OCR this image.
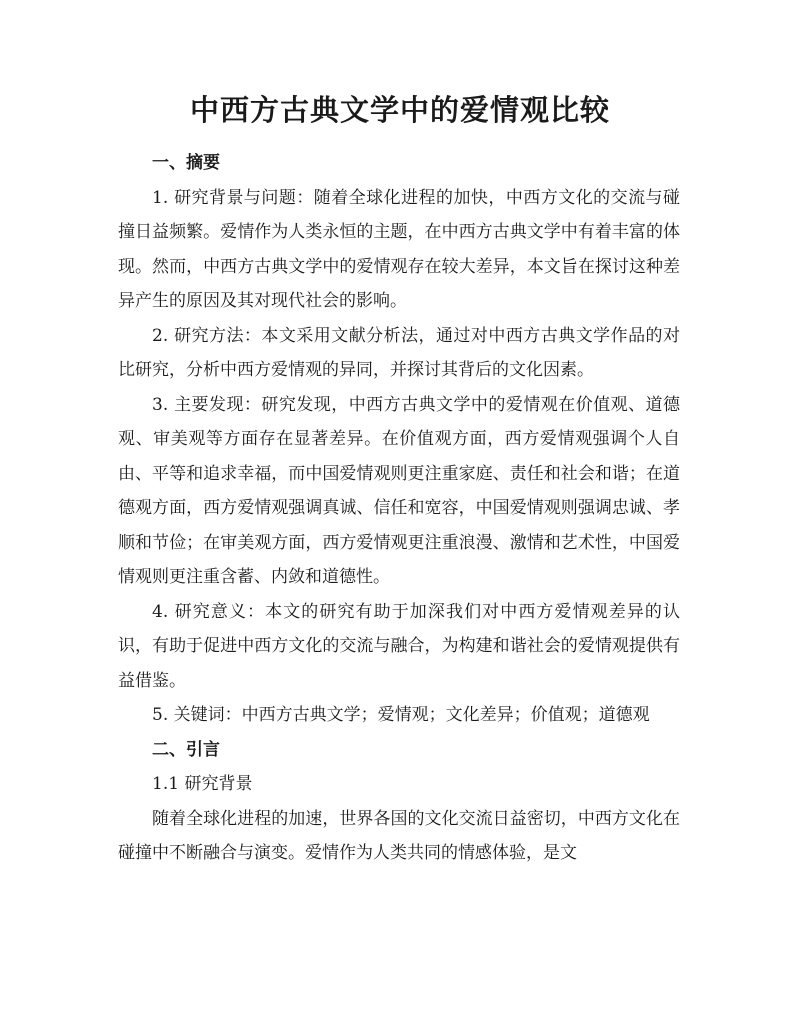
中西方古典文学中的爱情观比较

一、摘要

1. 研究背景与问题：随着全球化进程的加快，中西方文化的交流与碰撞日益频繁。爱情作为人类永恒的主题，在中西方古典文学中有着丰富的体现。然而，中西方古典文学中的爱情观存在较大差异，本文旨在探讨这种差异产生的原因及其对现代社会的影响。

2. 研究方法：本文采用文献分析法，通过对中西方古典文学作品的对比研究，分析中西方爱情观的异同，并探讨其背后的文化因素。

3. 主要发现：研究发现，中西方古典文学中的爱情观在价值观、道德观、审美观等方面存在显著差异。在价值观方面，西方爱情观强调个人自由、平等和追求幸福，而中国爱情观则更注重家庭、责任和社会和谐；在道德观方面，西方爱情观强调真诚、信任和宽容，中国爱情观则强调忠诚、孝顺和节俭；在审美观方面，西方爱情观更注重浪漫、激情和艺术性，中国爱情观则更注重含蓄、内敛和道德性。

4. 研究意义：本文的研究有助于加深我们对中西方爱情观差异的认识，有助于促进中西方文化的交流与融合，为构建和谐社会的爱情观提供有益借鉴。

5. 关键词：中西方古典文学；爱情观；文化差异；价值观；道德观

二、引言

1.1 研究背景

随着全球化进程的加速，世界各国的文化交流日益密切，中西方文化在碰撞中不断融合与演变。爱情作为人类共同的情感体验，是文
